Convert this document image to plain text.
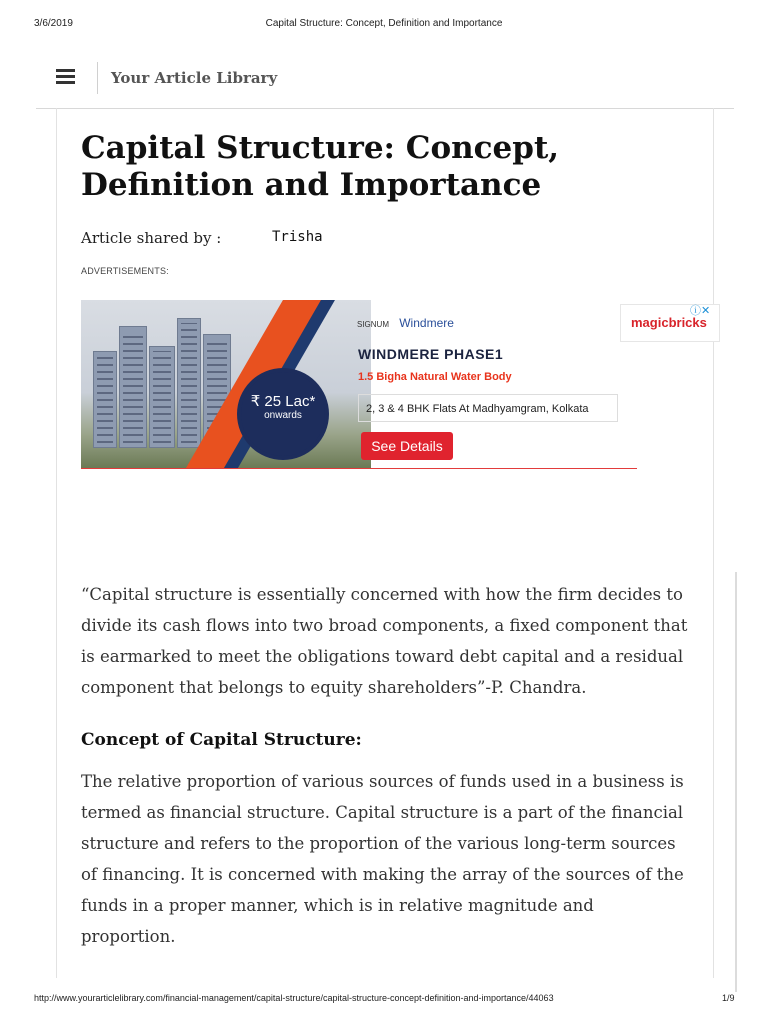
3/6/2019	Capital Structure: Concept, Definition and Importance
Your Article Library
Capital Structure: Concept, Definition and Importance
Article shared by :	Trisha
ADVERTISEMENTS:
₹ 25 Lac*
onwards
SIGNUM Windmere
WINDMERE PHASE1
1.5 Bigha Natural Water Body
2, 3 & 4 BHK Flats At Madhyamgram, Kolkata
See Details
magicbricks
ⓘ✕

“Capital structure is essentially concerned with how the firm decides to divide its cash flows into two broad components, a fixed component that is earmarked to meet the obligations toward debt capital and a residual component that belongs to equity shareholders”-P. Chandra.

Concept of Capital Structure:

The relative proportion of various sources of funds used in a business is termed as financial structure. Capital structure is a part of the financial structure and refers to the proportion of the various long-term sources of financing. It is concerned with making the array of the sources of the funds in a proper manner, which is in relative magnitude and proportion.

http://www.yourarticlelibrary.com/financial-management/capital-structure/capital-structure-concept-definition-and-importance/44063	1/9
